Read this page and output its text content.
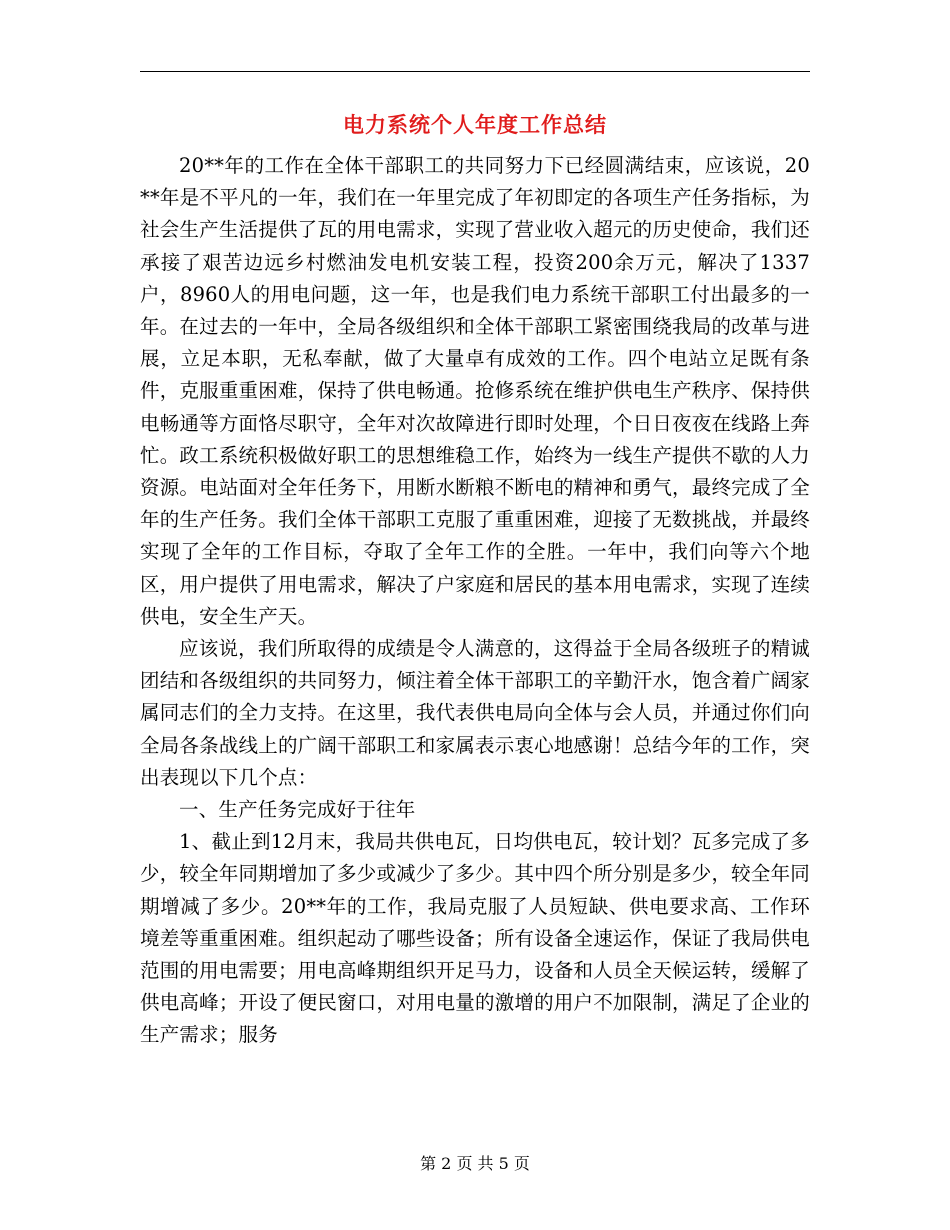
电力系统个人年度工作总结

20**年的工作在全体干部职工的共同努力下已经圆满结束，应该说，20**年是不平凡的一年，我们在一年里完成了年初即定的各项生产任务指标，为社会生产生活提供了瓦的用电需求，实现了营业收入超元的历史使命，我们还承接了艰苦边远乡村燃油发电机安装工程，投资200余万元，解决了1337户，8960人的用电问题，这一年，也是我们电力系统干部职工付出最多的一年。在过去的一年中，全局各级组织和全体干部职工紧密围绕我局的改革与进展，立足本职，无私奉献，做了大量卓有成效的工作。四个电站立足既有条件，克服重重困难，保持了供电畅通。抢修系统在维护供电生产秩序、保持供电畅通等方面恪尽职守，全年对次故障进行即时处理，个日日夜夜在线路上奔忙。政工系统积极做好职工的思想维稳工作，始终为一线生产提供不歇的人力资源。电站面对全年任务下，用断水断粮不断电的精神和勇气，最终完成了全年的生产任务。我们全体干部职工克服了重重困难，迎接了无数挑战，并最终实现了全年的工作目标，夺取了全年工作的全胜。一年中，我们向等六个地区，用户提供了用电需求，解决了户家庭和居民的基本用电需求，实现了连续供电，安全生产天。

应该说，我们所取得的成绩是令人满意的，这得益于全局各级班子的精诚团结和各级组织的共同努力，倾注着全体干部职工的辛勤汗水，饱含着广阔家属同志们的全力支持。在这里，我代表供电局向全体与会人员，并通过你们向全局各条战线上的广阔干部职工和家属表示衷心地感谢！总结今年的工作，突出表现以下几个点：

一、生产任务完成好于往年

1、截止到12月末，我局共供电瓦，日均供电瓦，较计划？瓦多完成了多少，较全年同期增加了多少或减少了多少。其中四个所分别是多少，较全年同期增减了多少。20**年的工作，我局克服了人员短缺、供电要求高、工作环境差等重重困难。组织起动了哪些设备；所有设备全速运作，保证了我局供电范围的用电需要；用电高峰期组织开足马力，设备和人员全天候运转，缓解了供电高峰；开设了便民窗口，对用电量的激增的用户不加限制，满足了企业的生产需求；服务

第 2 页 共 5 页
